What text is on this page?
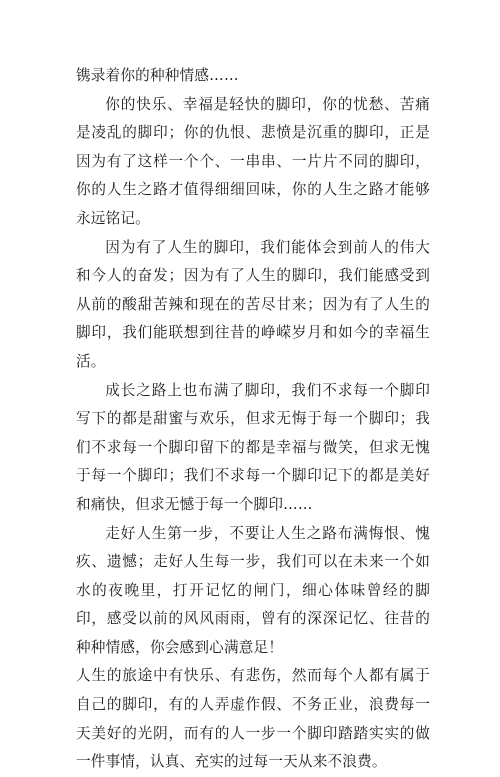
镌录着你的种种情感……

你的快乐、幸福是轻快的脚印，你的忧愁、苦痛是凌乱的脚印；你的仇恨、悲愤是沉重的脚印，正是因为有了这样一个个、一串串、一片片不同的脚印，你的人生之路才值得细细回味，你的人生之路才能够永远铭记。

因为有了人生的脚印，我们能体会到前人的伟大和今人的奋发；因为有了人生的脚印，我们能感受到从前的酸甜苦辣和现在的苦尽甘来；因为有了人生的脚印，我们能联想到往昔的峥嵘岁月和如今的幸福生活。

成长之路上也布满了脚印，我们不求每一个脚印写下的都是甜蜜与欢乐，但求无悔于每一个脚印；我们不求每一个脚印留下的都是幸福与微笑，但求无愧于每一个脚印；我们不求每一个脚印记下的都是美好和痛快，但求无憾于每一个脚印……

走好人生第一步，不要让人生之路布满悔恨、愧疚、遗憾；走好人生每一步，我们可以在未来一个如水的夜晚里，打开记忆的闸门，细心体味曾经的脚印，感受以前的风风雨雨，曾有的深深记忆、往昔的种种情感，你会感到心满意足！

人生的旅途中有快乐、有悲伤，然而每个人都有属于自己的脚印，有的人弄虚作假、不务正业，浪费每一天美好的光阴，而有的人一步一个脚印踏踏实实的做一件事情，认真、充实的过每一天从来不浪费。
